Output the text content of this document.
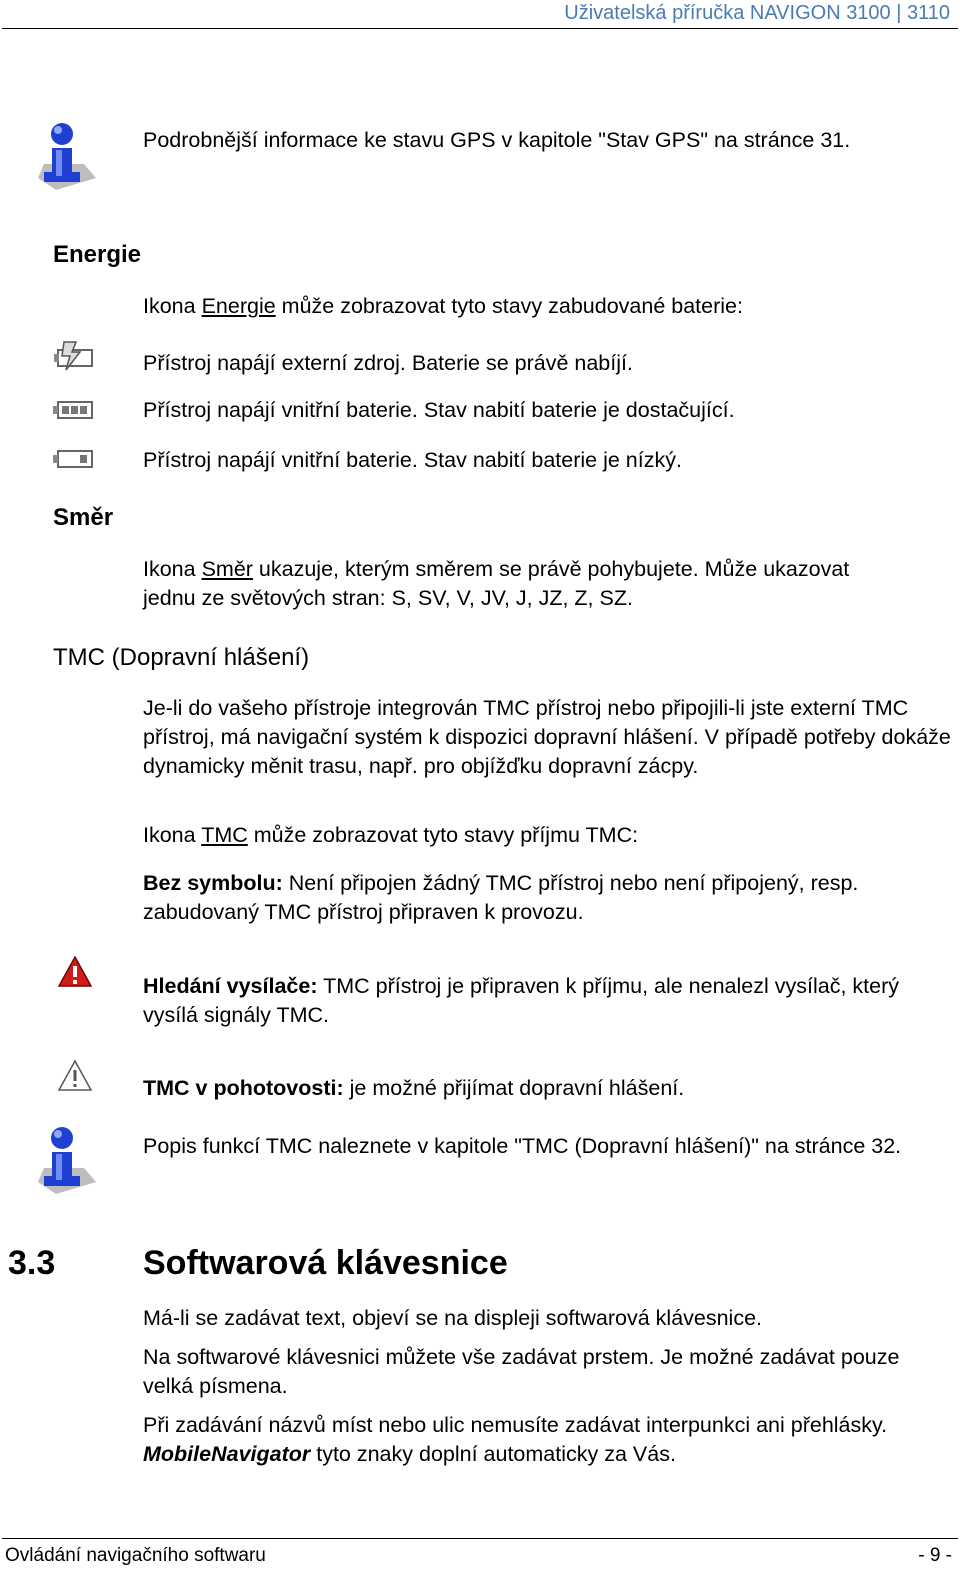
Uživatelská příručka NAVIGON 3100 | 3110
Podrobnější informace ke stavu GPS v kapitole "Stav GPS" na stránce 31.
Energie
Ikona Energie může zobrazovat tyto stavy zabudované baterie:
Přístroj napájí externí zdroj. Baterie se právě nabíjí.
Přístroj napájí vnitřní baterie. Stav nabití baterie je dostačující.
Přístroj napájí vnitřní baterie. Stav nabití baterie je nízký.
Směr
Ikona Směr ukazuje, kterým směrem se právě pohybujete. Může ukazovat jednu ze světových stran: S, SV, V, JV, J, JZ, Z, SZ.
TMC (Dopravní hlášení)
Je-li do vašeho přístroje integrován TMC přístroj nebo připojili-li jste externí TMC přístroj, má navigační systém k dispozici dopravní hlášení. V případě potřeby dokáže dynamicky měnit trasu, např. pro objížďku dopravní zácpy.
Ikona TMC může zobrazovat tyto stavy příjmu TMC:
Bez symbolu: Není připojen žádný TMC přístroj nebo není připojený, resp. zabudovaný TMC přístroj připraven k provozu.
Hledání vysílače: TMC přístroj je připraven k příjmu, ale nenalezl vysílač, který vysílá signály TMC.
TMC v pohotovosti: je možné přijímat dopravní hlášení.
Popis funkcí TMC naleznete v kapitole "TMC (Dopravní hlášení)" na stránce 32.
3.3	Softwarová klávesnice
Má-li se zadávat text, objeví se na displeji softwarová klávesnice.
Na softwarové klávesnici můžete vše zadávat prstem. Je možné zadávat pouze velká písmena.
Při zadávání názvů míst nebo ulic nemusíte zadávat interpunkci ani přehlásky. MobileNavigator tyto znaky doplní automaticky za Vás.
Ovládání navigačního softwaru	- 9 -
